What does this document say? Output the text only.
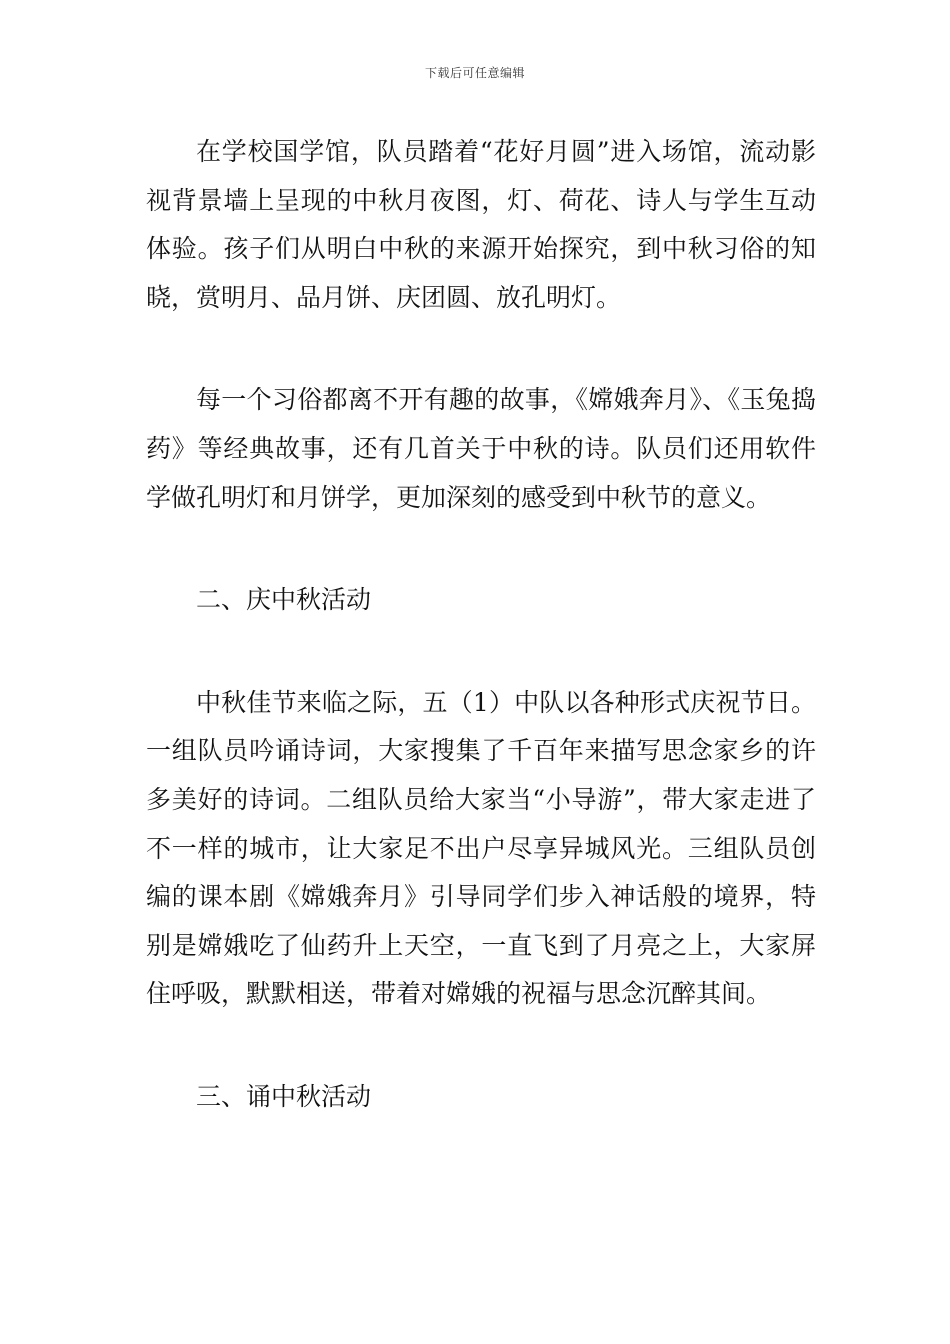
下载后可任意编辑

在学校国学馆，队员踏着“花好月圆”进入场馆，流动影视背景墙上呈现的中秋月夜图，灯、荷花、诗人与学生互动体验。孩子们从明白中秋的来源开始探究，到中秋习俗的知晓，赏明月、品月饼、庆团圆、放孔明灯。

每一个习俗都离不开有趣的故事，《嫦娥奔月》、《玉兔捣药》等经典故事，还有几首关于中秋的诗。队员们还用软件学做孔明灯和月饼学，更加深刻的感受到中秋节的意义。

二、庆中秋活动

中秋佳节来临之际，五（1）中队以各种形式庆祝节日。一组队员吟诵诗词，大家搜集了千百年来描写思念家乡的许多美好的诗词。二组队员给大家当“小导游”，带大家走进了不一样的城市，让大家足不出户尽享异城风光。三组队员创编的课本剧《嫦娥奔月》引导同学们步入神话般的境界，特别是嫦娥吃了仙药升上天空，一直飞到了月亮之上，大家屏住呼吸，默默相送，带着对嫦娥的祝福与思念沉醉其间。

三、诵中秋活动
